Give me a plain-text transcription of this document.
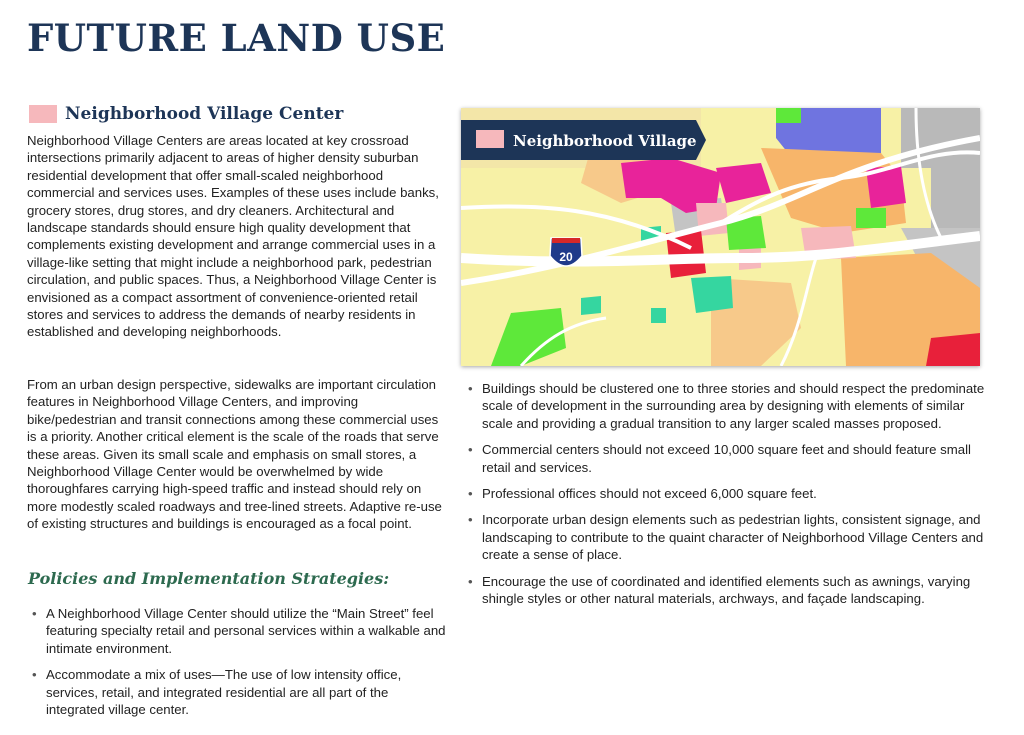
FUTURE LAND USE
Neighborhood Village Center

Neighborhood Village Centers are areas located at key crossroad intersections primarily adjacent to areas of higher density suburban residential development that offer small-scaled neighborhood commercial and services uses. Examples of these uses include banks, grocery stores, drug stores, and dry cleaners. Architectural and landscape standards should ensure high quality development that complements existing development and arrange commercial uses in a village-like setting that might include a neighborhood park, pedestrian circulation, and public spaces. Thus, a Neighborhood Village Center is envisioned as a compact assortment of convenience-oriented retail stores and services to address the demands of nearby residents in established and developing neighborhoods.

From an urban design perspective, sidewalks are important circulation features in Neighborhood Village Centers, and improving bike/pedestrian and transit connections among these commercial uses is a priority. Another critical element is the scale of the roads that serve these areas. Given its small scale and emphasis on small stores, a Neighborhood Village Center would be overwhelmed by wide thoroughfares carrying high-speed traffic and instead should rely on more modestly scaled roadways and tree-lined streets. Adaptive re-use of existing structures and buildings is encouraged as a focal point.

Policies and Implementation Strategies:
• A Neighborhood Village Center should utilize the “Main Street” feel featuring specialty retail and personal services within a walkable and intimate environment.
• Accommodate a mix of uses—The use of low intensity office, services, retail, and integrated residential are all part of the integrated village center.
20
Neighborhood Village
• Buildings should be clustered one to three stories and should respect the predominate scale of development in the surrounding area by designing with elements of similar scale and providing a gradual transition to any larger scaled masses proposed.
• Commercial centers should not exceed 10,000 square feet and should feature small retail and services.
• Professional offices should not exceed 6,000 square feet.
• Incorporate urban design elements such as pedestrian lights, consistent signage, and landscaping to contribute to the quaint character of Neighborhood Village Centers and create a sense of place.
• Encourage the use of coordinated and identified elements such as awnings, varying shingle styles or other natural materials, archways, and façade landscaping.
